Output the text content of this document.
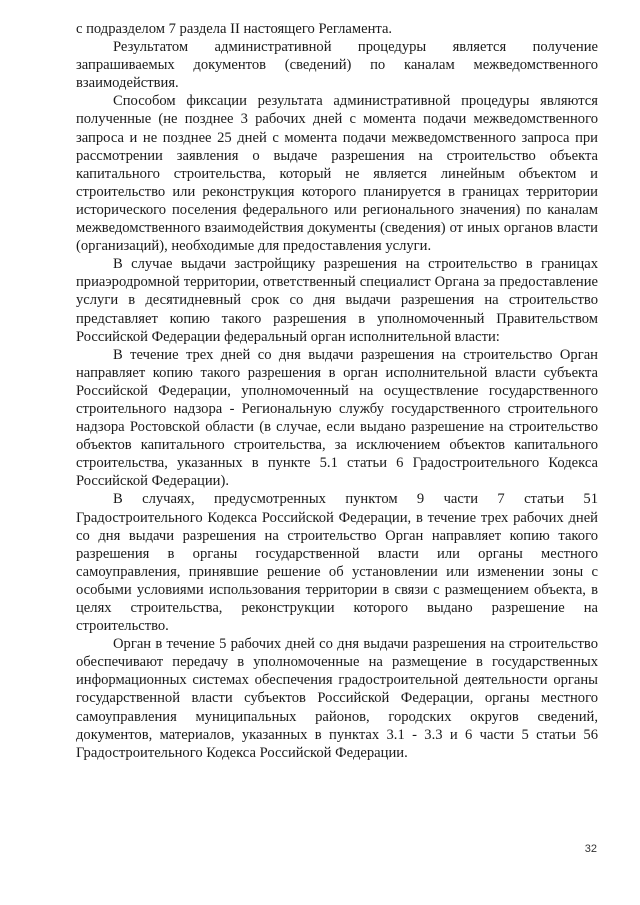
с подразделом 7 раздела II настоящего Регламента.

Результатом административной процедуры является получение запрашиваемых документов (сведений) по каналам межведомственного взаимодействия.

Способом фиксации результата административной процедуры являются полученные (не позднее 3 рабочих дней с момента подачи межведомственного запроса и не позднее 25 дней с момента подачи межведомственного запроса при рассмотрении заявления о выдаче разрешения на строительство объекта капитального строительства, который не является линейным объектом и строительство или реконструкция которого планируется в границах территории исторического поселения федерального или регионального значения) по каналам межведомственного взаимодействия документы (сведения) от иных органов власти (организаций), необходимые для предоставления услуги.

В случае выдачи застройщику разрешения на строительство в границах приаэродромной территории, ответственный специалист Органа за предоставление услуги в десятидневный срок со дня выдачи разрешения на строительство представляет копию такого разрешения в уполномоченный Правительством Российской Федерации федеральный орган исполнительной власти:

В течение трех дней со дня выдачи разрешения на строительство Орган направляет копию такого разрешения в орган исполнительной власти субъекта Российской Федерации, уполномоченный на осуществление государственного строительного надзора - Региональную службу государственного строительного надзора Ростовской области (в случае, если выдано разрешение на строительство объектов капитального строительства, за исключением объектов капитального строительства, указанных в пункте 5.1 статьи 6 Градостроительного Кодекса Российской Федерации).

В случаях, предусмотренных пунктом 9 части 7 статьи 51 Градостроительного Кодекса Российской Федерации, в течение трех рабочих дней со дня выдачи разрешения на строительство Орган направляет копию такого разрешения в органы государственной власти или органы местного самоуправления, принявшие решение об установлении или изменении зоны с особыми условиями использования территории в связи с размещением объекта, в целях строительства, реконструкции которого выдано разрешение на строительство.

Орган в течение 5 рабочих дней со дня выдачи разрешения на строительство обеспечивают передачу в уполномоченные на размещение в государственных информационных системах обеспечения градостроительной деятельности органы государственной власти субъектов Российской Федерации, органы местного самоуправления муниципальных районов, городских округов сведений, документов, материалов, указанных в пунктах 3.1 - 3.3 и 6 части 5 статьи 56 Градостроительного Кодекса Российской Федерации.

32
